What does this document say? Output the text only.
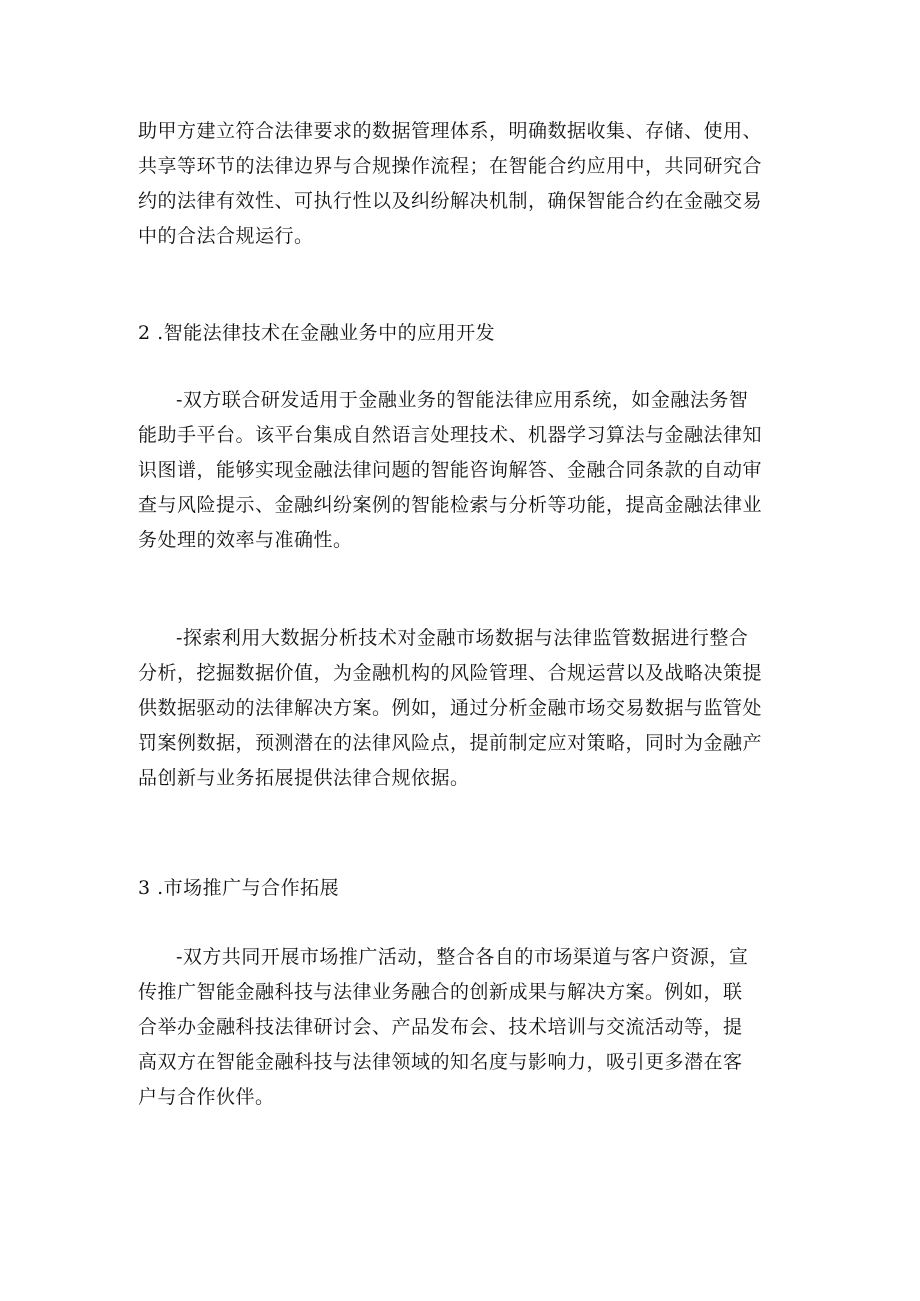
助甲方建立符合法律要求的数据管理体系，明确数据收集、存储、使用、
共享等环节的法律边界与合规操作流程；在智能合约应用中，共同研究合
约的法律有效性、可执行性以及纠纷解决机制，确保智能合约在金融交易
中的合法合规运行。
2 .智能法律技术在金融业务中的应用开发
-双方联合研发适用于金融业务的智能法律应用系统，如金融法务智
能助手平台。该平台集成自然语言处理技术、机器学习算法与金融法律知
识图谱，能够实现金融法律问题的智能咨询解答、金融合同条款的自动审
查与风险提示、金融纠纷案例的智能检索与分析等功能，提高金融法律业
务处理的效率与准确性。
-探索利用大数据分析技术对金融市场数据与法律监管数据进行整合
分析，挖掘数据价值，为金融机构的风险管理、合规运营以及战略决策提
供数据驱动的法律解决方案。例如，通过分析金融市场交易数据与监管处
罚案例数据，预测潜在的法律风险点，提前制定应对策略，同时为金融产
品创新与业务拓展提供法律合规依据。
3 .市场推广与合作拓展
-双方共同开展市场推广活动，整合各自的市场渠道与客户资源，宣
传推广智能金融科技与法律业务融合的创新成果与解决方案。例如，联
合举办金融科技法律研讨会、产品发布会、技术培训与交流活动等，提
高双方在智能金融科技与法律领域的知名度与影响力，吸引更多潜在客
户与合作伙伴。
